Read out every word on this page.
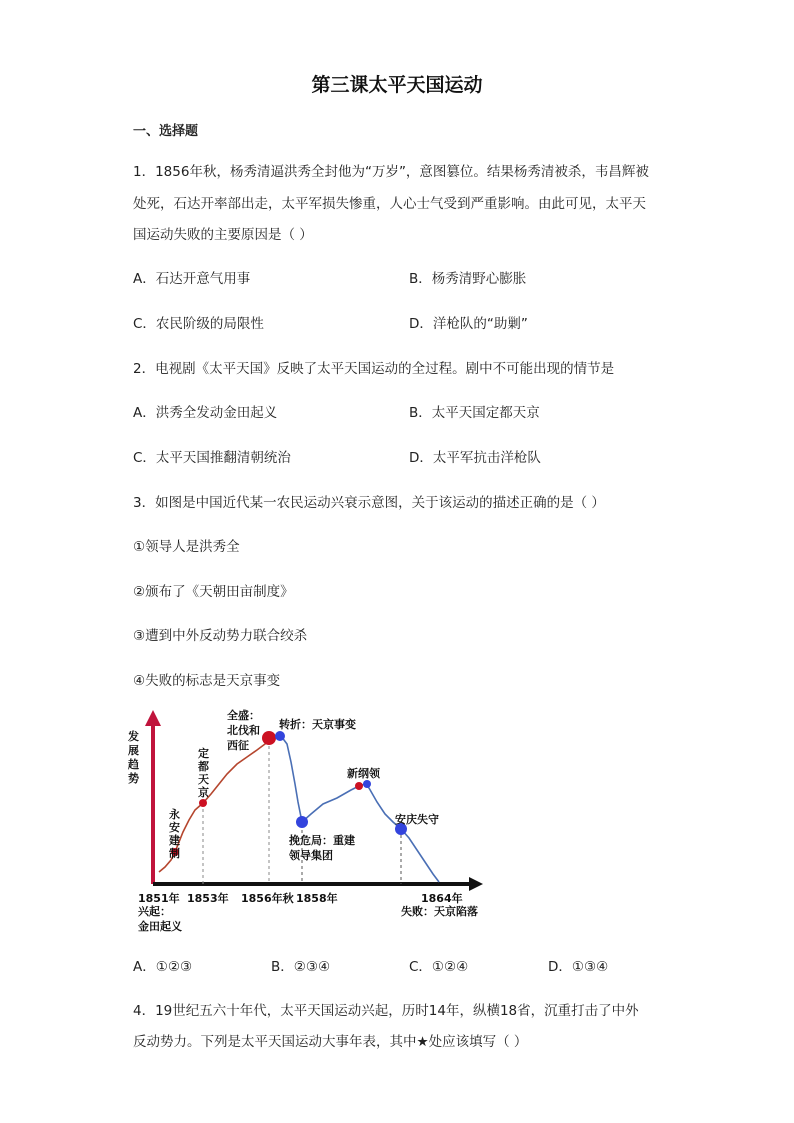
第三课太平天国运动
一、选择题
1．1856年秋，杨秀清逼洪秀全封他为“万岁”，意图篡位。结果杨秀清被杀，韦昌辉被
处死，石达开率部出走，太平军损失惨重，人心士气受到严重影响。由此可见，太平天
国运动失败的主要原因是（ ）
A．石达开意气用事	B．杨秀清野心膨胀
C．农民阶级的局限性	D．洋枪队的“助剿”
2．电视剧《太平天国》反映了太平天国运动的全过程。剧中不可能出现的情节是
A．洪秀全发动金田起义	B．太平天国定都天京
C．太平天国推翻清朝统治	D．太平军抗击洋枪队
3．如图是中国近代某一农民运动兴衰示意图，关于该运动的描述正确的是（ ）
①领导人是洪秀全
②颁布了《天朝田亩制度》
③遭到中外反动势力联合绞杀
④失败的标志是天京事变
发展趋势
永安建制
定都天京
全盛：
北伐和
西征
转折：天京事变
新纲领
安庆失守
挽危局：重建
领导集团
1851年 1853年 1856年秋 1858年	1864年
兴起：
金田起义
失败：天京陷落
A．①②③	B．②③④	C．①②④	D．①③④
4．19世纪五六十年代，太平天国运动兴起，历时14年，纵横18省，沉重打击了中外
反动势力。下列是太平天国运动大事年表，其中★处应该填写（ ）
